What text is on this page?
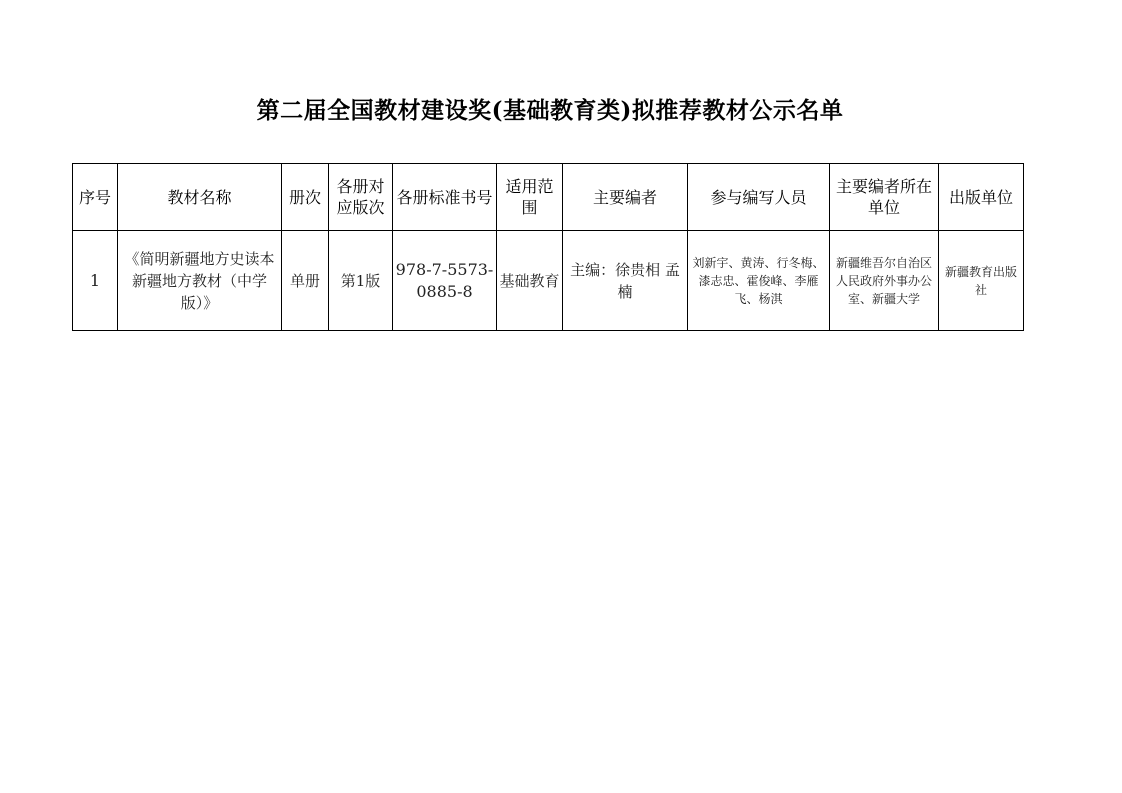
第二届全国教材建设奖(基础教育类)拟推荐教材公示名单
序号	教材名称	册次	各册对应版次	各册标准书号	适用范围	主要编者	参与编写人员	主要编者所在单位	出版单位
1	《简明新疆地方史读本 新疆地方教材（中学版）》	单册	第1版	978-7-5573-0885-8	基础教育	主编：徐贵相 孟楠	刘新宇、黄涛、行冬梅、漆志忠、霍俊峰、李雁飞、杨淇	新疆维吾尔自治区人民政府外事办公室、新疆大学	新疆教育出版社
